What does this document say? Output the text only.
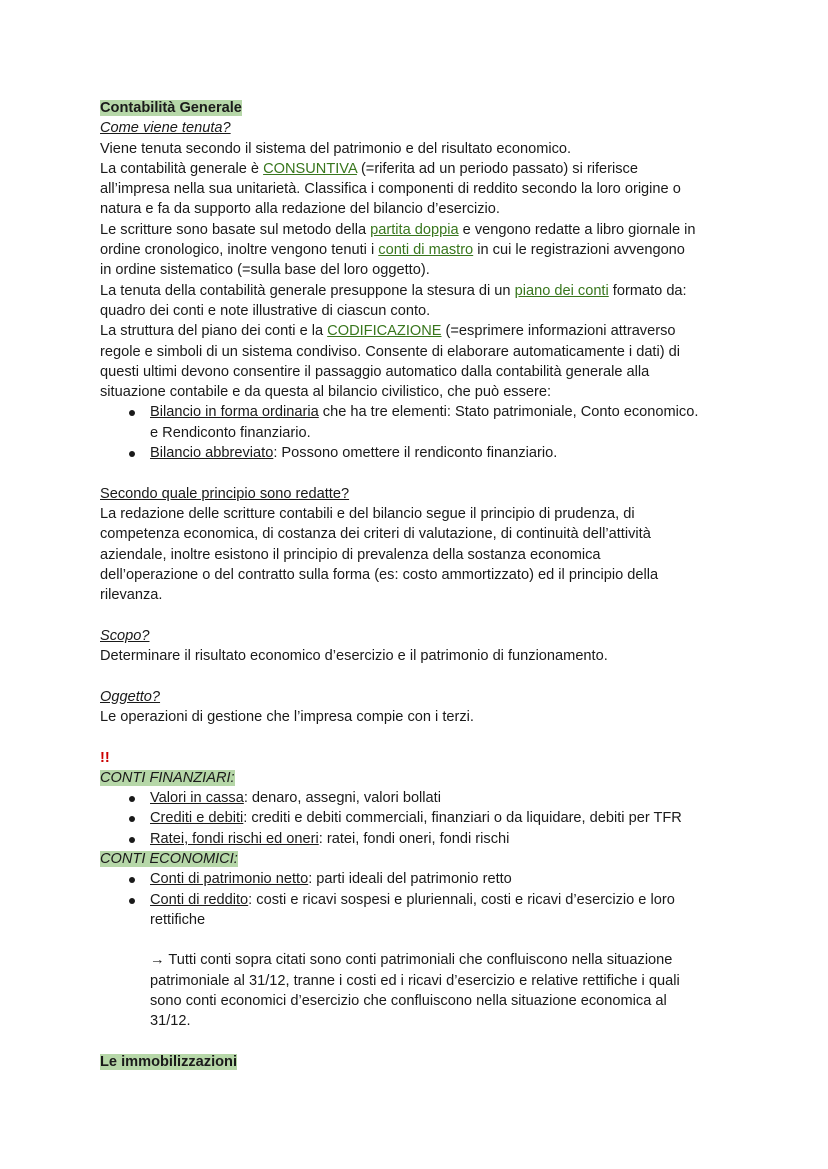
Contabilità Generale
Come viene tenuta?
Viene tenuta secondo il sistema del patrimonio e del risultato economico.
La contabilità generale è CONSUNTIVA (=riferita ad un periodo passato) si riferisce
all’impresa nella sua unitarietà. Classifica i componenti di reddito secondo la loro origine o
natura e fa da supporto alla redazione del bilancio d’esercizio.
Le scritture sono basate sul metodo della partita doppia e vengono redatte a libro giornale in
ordine cronologico, inoltre vengono tenuti i conti di mastro in cui le registrazioni avvengono
in ordine sistematico (=sulla base del loro oggetto).
La tenuta della contabilità generale presuppone la stesura di un piano dei conti formato da:
quadro dei conti e note illustrative di ciascun conto.
La struttura del piano dei conti e la CODIFICAZIONE (=esprimere informazioni attraverso
regole e simboli di un sistema condiviso. Consente di elaborare automaticamente i dati) di
questi ultimi devono consentire il passaggio automatico dalla contabilità generale alla
situazione contabile e da questa al bilancio civilistico, che può essere:
Bilancio in forma ordinaria che ha tre elementi: Stato patrimoniale, Conto economico.
e Rendiconto finanziario.
Bilancio abbreviato: Possono omettere il rendiconto finanziario.
Secondo quale principio sono redatte?
La redazione delle scritture contabili e del bilancio segue il principio di prudenza, di
competenza economica, di costanza dei criteri di valutazione, di continuità dell’attività
aziendale, inoltre esistono il principio di prevalenza della sostanza economica
dell’operazione o del contratto sulla forma (es: costo ammortizzato) ed il principio della
rilevanza.
Scopo?
Determinare il risultato economico d’esercizio e il patrimonio di funzionamento.
Oggetto?
Le operazioni di gestione che l’impresa compie con i terzi.
!!
CONTI FINANZIARI:
Valori in cassa: denaro, assegni, valori bollati
Crediti e debiti: crediti e debiti commerciali, finanziari o da liquidare, debiti per TFR
Ratei, fondi rischi ed oneri: ratei, fondi oneri, fondi rischi
CONTI ECONOMICI:
Conti di patrimonio netto: parti ideali del patrimonio retto
Conti di reddito: costi e ricavi sospesi e pluriennali, costi e ricavi d’esercizio e loro
rettifiche
→ Tutti conti sopra citati sono conti patrimoniali che confluiscono nella situazione
patrimoniale al 31/12, tranne i costi ed i ricavi d’esercizio e relative rettifiche i quali
sono conti economici d’esercizio che confluiscono nella situazione economica al
31/12.
Le immobilizzazioni
